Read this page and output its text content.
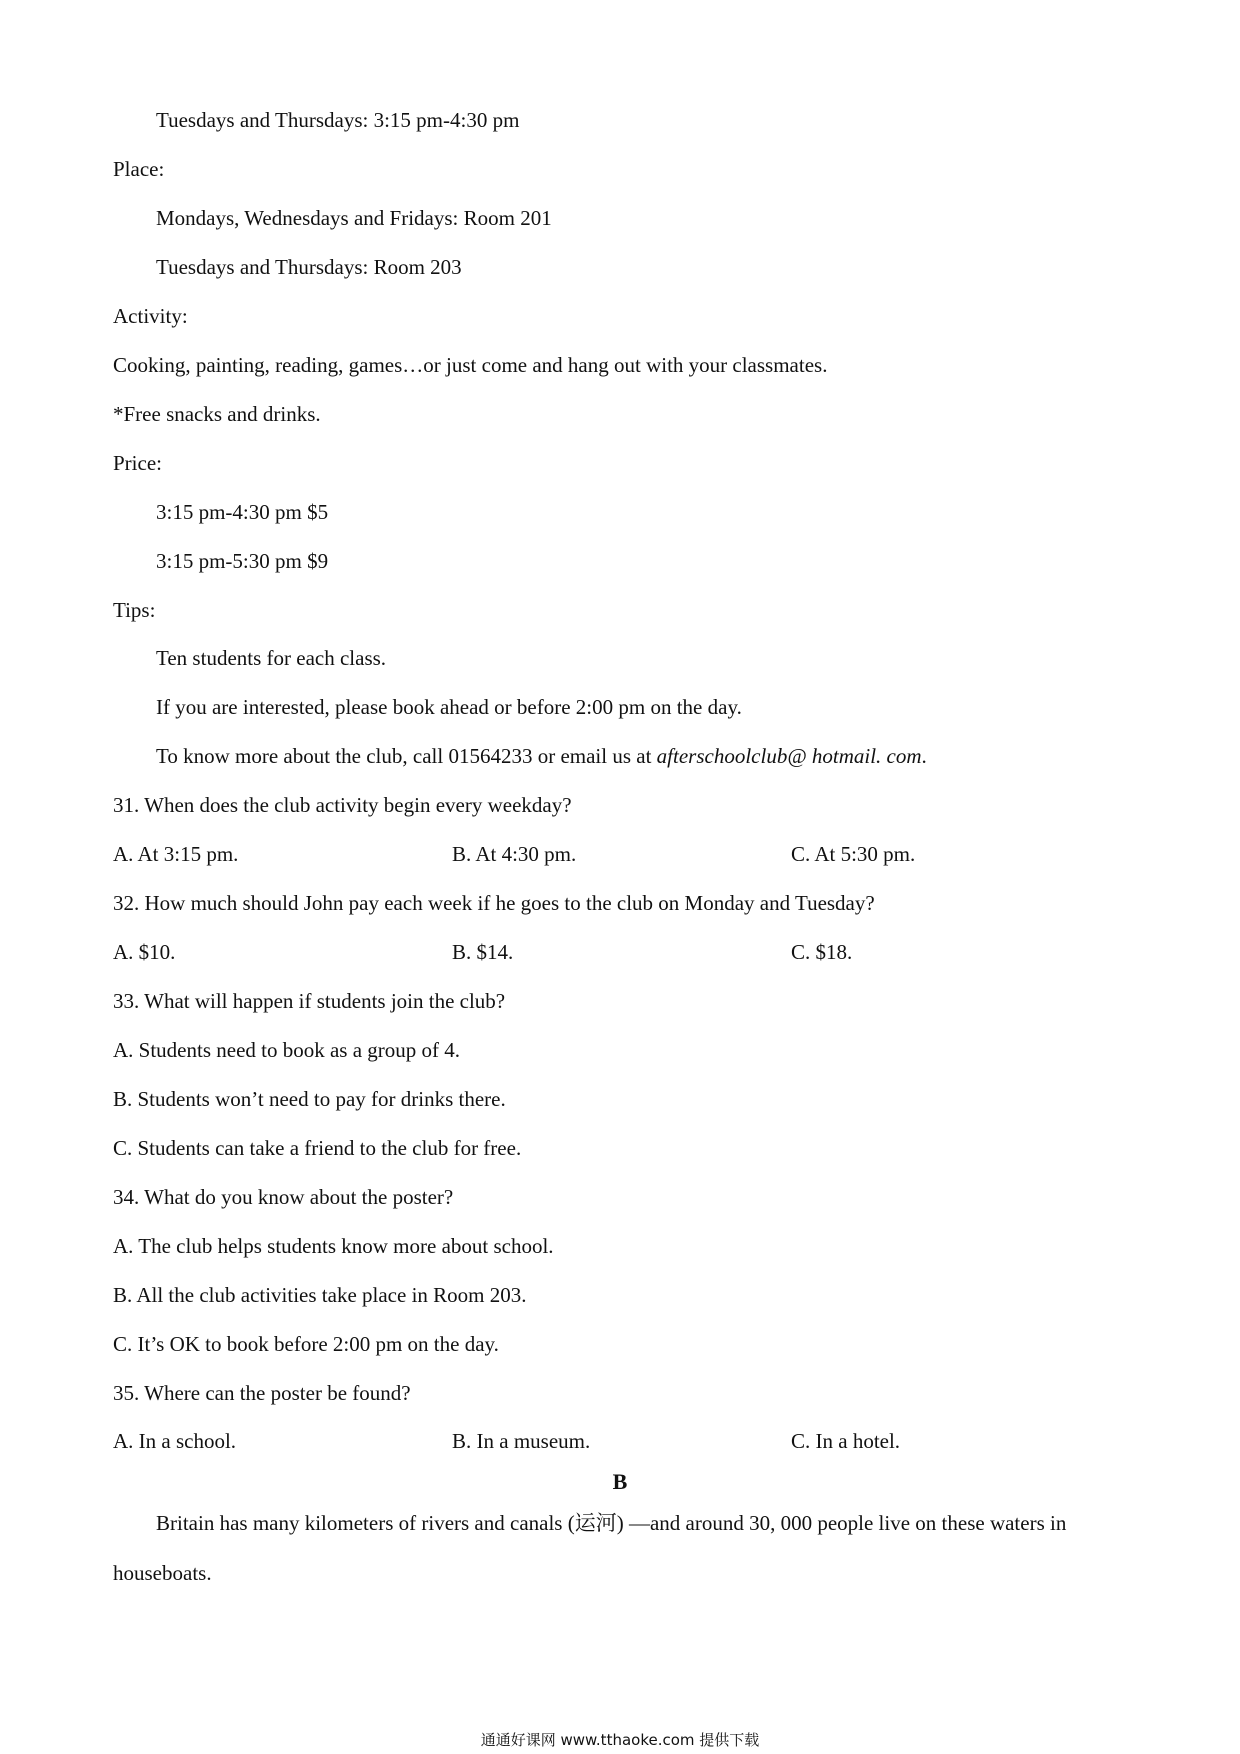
Tuesdays and Thursdays: 3:15 pm-4:30 pm
Place:
Mondays, Wednesdays and Fridays: Room 201
Tuesdays and Thursdays: Room 203
Activity:
Cooking, painting, reading, games…or just come and hang out with your classmates.
*Free snacks and drinks.
Price:
3:15 pm-4:30 pm $5
3:15 pm-5:30 pm $9
Tips:
Ten students for each class.
If you are interested, please book ahead or before 2:00 pm on the day.
To know more about the club, call 01564233 or email us at afterschoolclub@ hotmail. com.
31. When does the club activity begin every weekday?
A. At 3:15 pm.	B. At 4:30 pm.	C. At 5:30 pm.
32. How much should John pay each week if he goes to the club on Monday and Tuesday?
A. $10.	B. $14.	C. $18.
33. What will happen if students join the club?
A. Students need to book as a group of 4.
B. Students won’t need to pay for drinks there.
C. Students can take a friend to the club for free.
34. What do you know about the poster?
A. The club helps students know more about school.
B. All the club activities take place in Room 203.
C. It’s OK to book before 2:00 pm on the day.
35. Where can the poster be found?
A. In a school.	B. In a museum.	C. In a hotel.
B
Britain has many kilometers of rivers and canals (运河) —and around 30, 000 people live on these waters in
houseboats.
通通好课网 www.tthaoke.com 提供下载
